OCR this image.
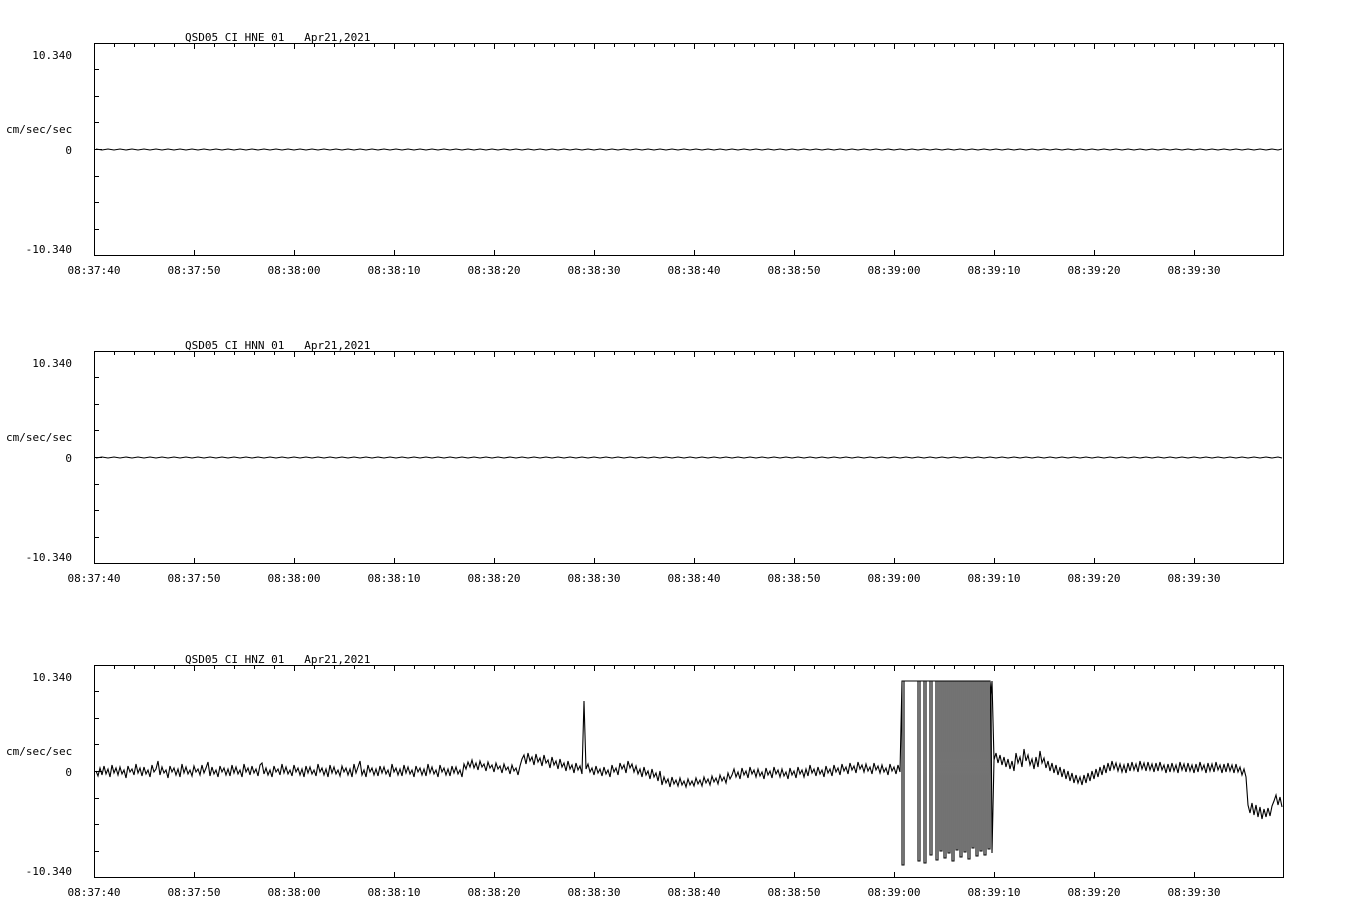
QSD05_CI_HNE_01   Apr21,2021
cm/sec/sec
10.340
0
-10.340
08:37:40	08:37:50	08:38:00	08:38:10	08:38:20	08:38:30	08:38:40	08:38:50	08:39:00	08:39:10	08:39:20	08:39:30
QSD05_CI_HNN_01   Apr21,2021
cm/sec/sec
10.340
0
-10.340
08:37:40	08:37:50	08:38:00	08:38:10	08:38:20	08:38:30	08:38:40	08:38:50	08:39:00	08:39:10	08:39:20	08:39:30
QSD05_CI_HNZ_01   Apr21,2021
cm/sec/sec
10.340
0
-10.340
08:37:40	08:37:50	08:38:00	08:38:10	08:38:20	08:38:30	08:38:40	08:38:50	08:39:00	08:39:10	08:39:20	08:39:30
